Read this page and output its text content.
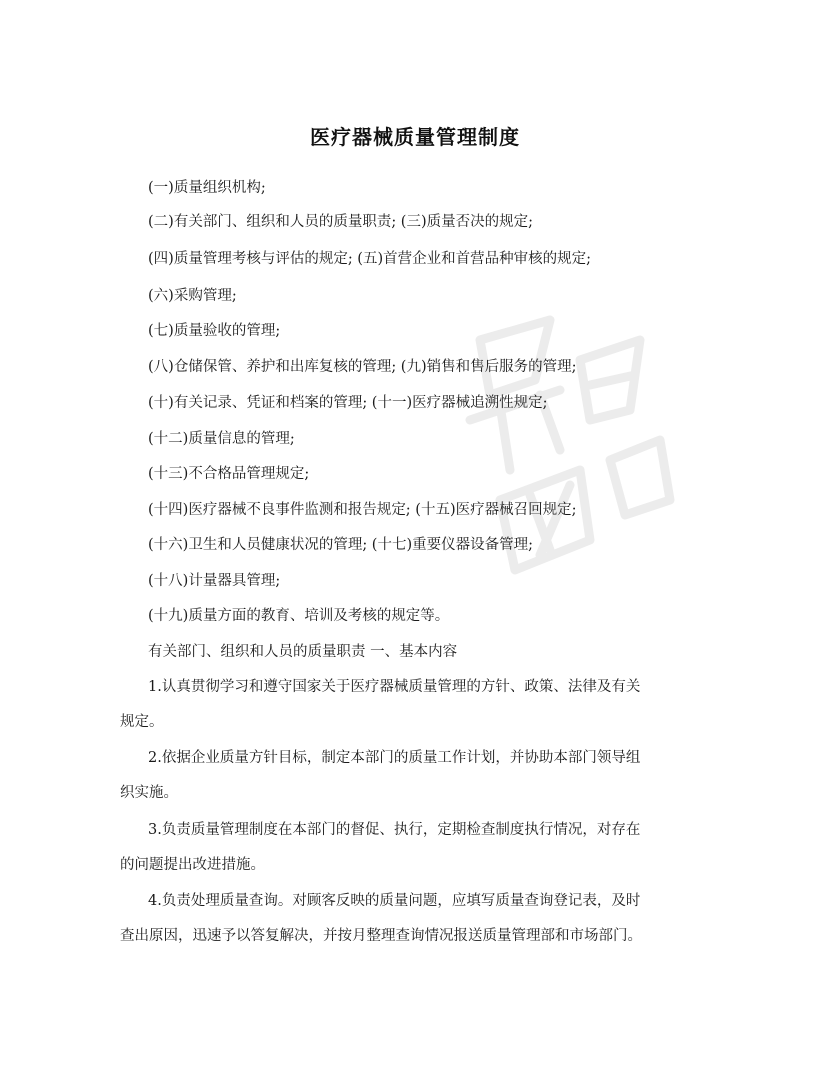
医疗器械质量管理制度
(一)质量组织机构;
(二)有关部门、组织和人员的质量职责; (三)质量否决的规定;
(四)质量管理考核与评估的规定; (五)首营企业和首营品种审核的规定;
(六)采购管理;
(七)质量验收的管理;
(八)仓储保管、养护和出库复核的管理; (九)销售和售后服务的管理;
(十)有关记录、凭证和档案的管理; (十一)医疗器械追溯性规定;
(十二)质量信息的管理;
(十三)不合格品管理规定;
(十四)医疗器械不良事件监测和报告规定; (十五)医疗器械召回规定;
(十六)卫生和人员健康状况的管理; (十七)重要仪器设备管理;
(十八)计量器具管理;
(十九)质量方面的教育、培训及考核的规定等。
有关部门、组织和人员的质量职责 一、基本内容
1.认真贯彻学习和遵守国家关于医疗器械质量管理的方针、政策、法律及有关
规定。
2.依据企业质量方针目标，制定本部门的质量工作计划，并协助本部门领导组
织实施。
3.负责质量管理制度在本部门的督促、执行，定期检查制度执行情况，对存在
的问题提出改进措施。
4.负责处理质量查询。对顾客反映的质量问题，应填写质量查询登记表，及时
查出原因，迅速予以答复解决，并按月整理查询情况报送质量管理部和市场部门。
